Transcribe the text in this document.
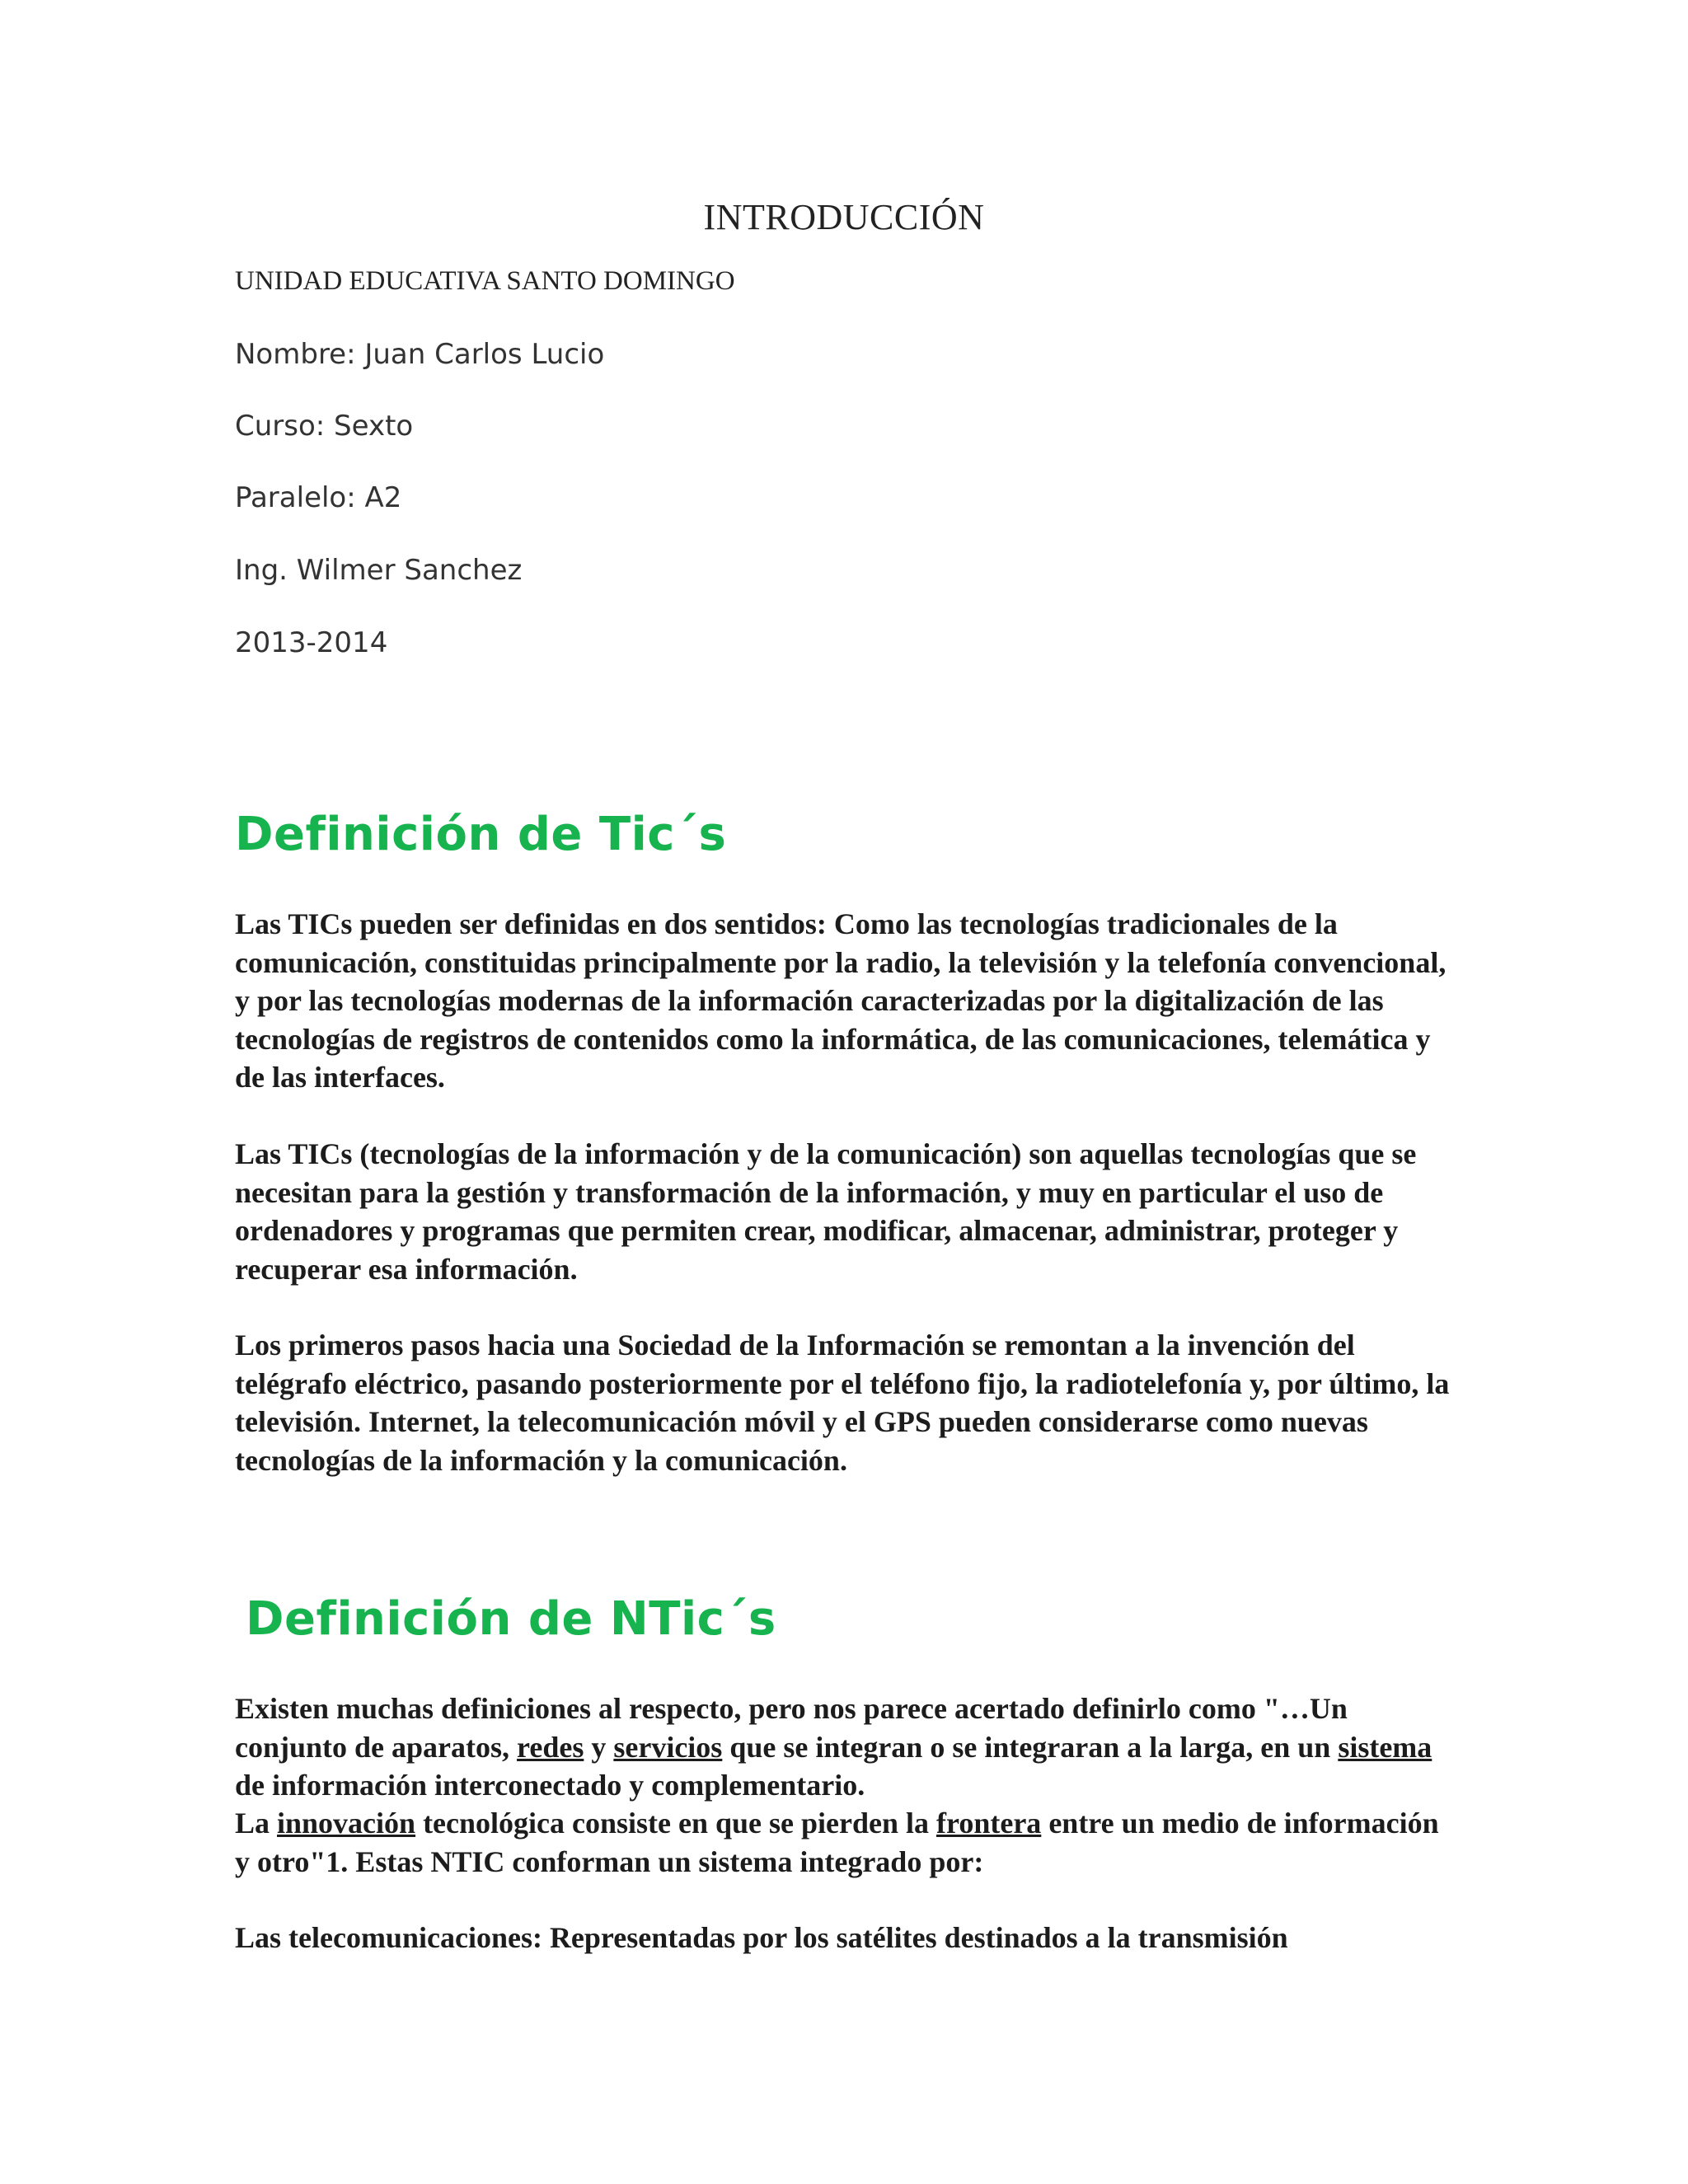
INTRODUCCIÓN
UNIDAD EDUCATIVA SANTO DOMINGO
Nombre: Juan Carlos Lucio
Curso: Sexto
Paralelo: A2
Ing. Wilmer Sanchez
2013-2014
Definición de Tic´s

Las TICs pueden ser definidas en dos sentidos: Como las tecnologías tradicionales de la comunicación, constituidas principalmente por la radio, la televisión y la telefonía convencional, y por las tecnologías modernas de la información caracterizadas por la digitalización de las tecnologías de registros de contenidos como la informática, de las comunicaciones, telemática y de las interfaces.

Las TICs (tecnologías de la información y de la comunicación) son aquellas tecnologías que se necesitan para la gestión y transformación de la información, y muy en particular el uso de ordenadores y programas que permiten crear, modificar, almacenar, administrar, proteger y recuperar esa información.

Los primeros pasos hacia una Sociedad de la Información se remontan a la invención del telégrafo eléctrico, pasando posteriormente por el teléfono fijo, la radiotelefonía y, por último, la televisión. Internet, la telecomunicación móvil y el GPS pueden considerarse como nuevas tecnologías de la información y la comunicación.

Definición de NTic´s

Existen muchas definiciones al respecto, pero nos parece acertado definirlo como "…Un conjunto de aparatos, redes y servicios que se integran o se integraran a la larga, en un sistema de información interconectado y complementario.

La innovación tecnológica consiste en que se pierden la frontera entre un medio de información y otro"1. Estas NTIC conforman un sistema integrado por:

Las telecomunicaciones: Representadas por los satélites destinados a la transmisión
